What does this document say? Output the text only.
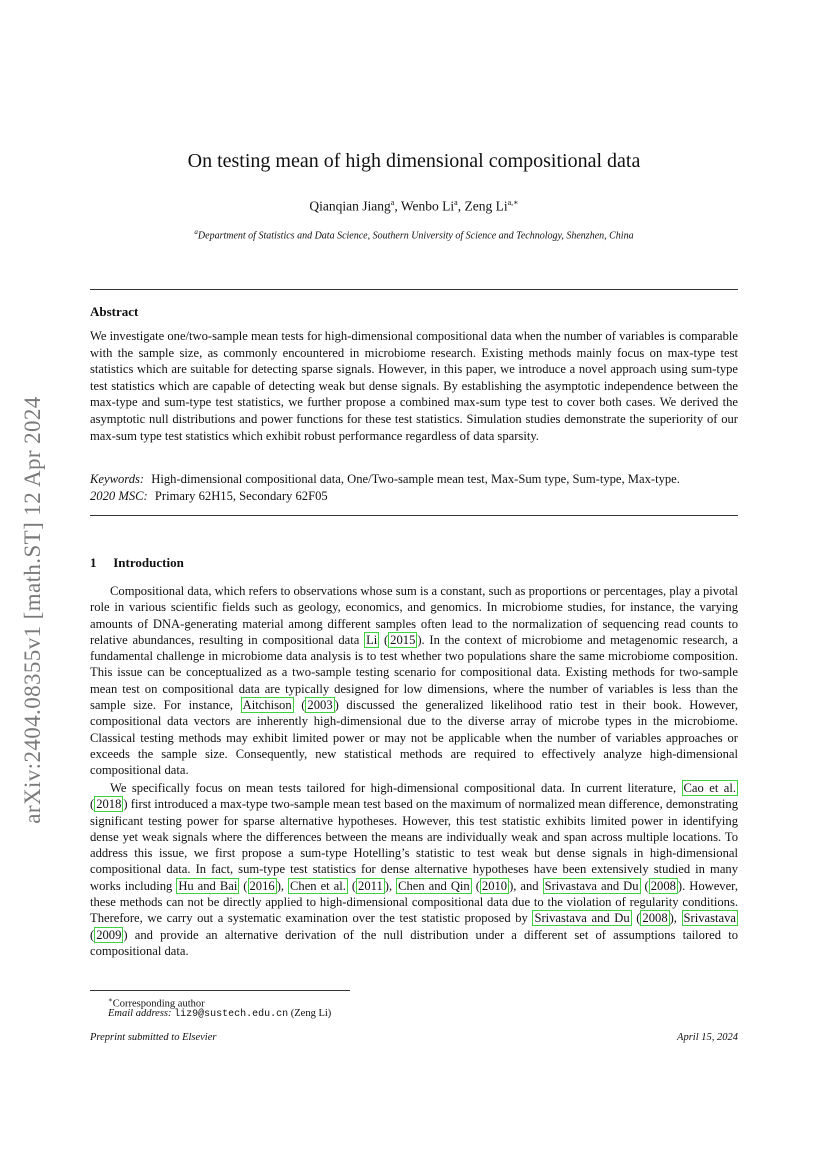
arXiv:2404.08355v1 [math.ST] 12 Apr 2024
On testing mean of high dimensional compositional data
Qianqian Jiang$^a$, Wenbo Li$^a$, Zeng $Li^{a,∗}$
$^a$Department of Statistics and Data Science, Southern University of Science and Technology, Shenzhen, China
Abstract
We investigate one/two-sample mean tests for high-dimensional compositional data when the number of variables is comparable with the sample size, as commonly encountered in microbiome research. Existing methods mainly focus on max-type test statistics which are suitable for detecting sparse signals. However, in this paper, we introduce a novel approach using sum-type test statistics which are capable of detecting weak but dense signals. By establishing the asymptotic independence between the max-type and sum-type test statistics, we further propose a combined max-sum type test to cover both cases. We derived the asymptotic null distributions and power functions for these test statistics. Simulation studies demonstrate the superiority of our max-sum type test statistics which exhibit robust performance regardless of data sparsity.
Keywords: High-dimensional compositional data, One/Two-sample mean test, Max-Sum type, Sum-type, Max-type.
2020 MSC: Primary 62H15, Secondary 62F05
1 Introduction

Compositional data, which refers to observations whose sum is a constant, such as proportions or percentages, play a pivotal role in various scientific fields such as geology, economics, and genomics. In microbiome studies, for instance, the varying amounts of DNA-generating material among different samples often lead to the normalization of sequencing read counts to relative abundances, resulting in compositional data Li ( 2015 ). In the context of microbiome and metagenomic research, a fundamental challenge in microbiome data analysis is to test whether two populations share the same microbiome composition. This issue can be conceptualized as a two-sample testing scenario for compositional data. Existing methods for two-sample mean test on compositional data are typically designed for low dimensions, where the number of variables is less than the sample size. For instance, Aitchison ( 2003 ) discussed the generalized likelihood ratio test in their book. However, compositional data vectors are inherently high-dimensional due to the diverse array of microbe types in the microbiome. Classical testing methods may exhibit limited power or may not be applicable when the number of variables approaches or exceeds the sample size. Consequently, new statistical methods are required to effectively analyze high-dimensional compositional data.

We specifically focus on mean tests tailored for high-dimensional compositional data. In current literature, Cao et al. ( 2018 ) first introduced a max-type two-sample mean test based on the maximum of normalized mean difference, demonstrating significant testing power for sparse alternative hypotheses. However, this test statistic exhibits limited power in identifying dense yet weak signals where the differences between the means are individually weak and span across multiple locations. To address this issue, we first propose a sum-type Hotelling’s statistic to test weak but dense signals in high-dimensional compositional data. In fact, sum-type test statistics for dense alternative hypotheses have been extensively studied in many works including Hu and Bai ( 2016 ), Chen et al. ( 2011 ), Chen and Qin ( 2010 ), and Srivastava and Du ( 2008 ). However, these methods can not be directly applied to high-dimensional compositional data due to the violation of regularity conditions. Therefore, we carry out a systematic examination over the test statistic proposed by Srivastava and Du ( 2008 ), Srivastava ( 2009 ) and provide an alternative derivation of the null distribution under a different set of assumptions tailored to compositional data.

∗Corresponding author
Email address: liz9@sustech.edu.cn (Zeng Li)
Preprint submitted to Elsevier	April 15, 2024
